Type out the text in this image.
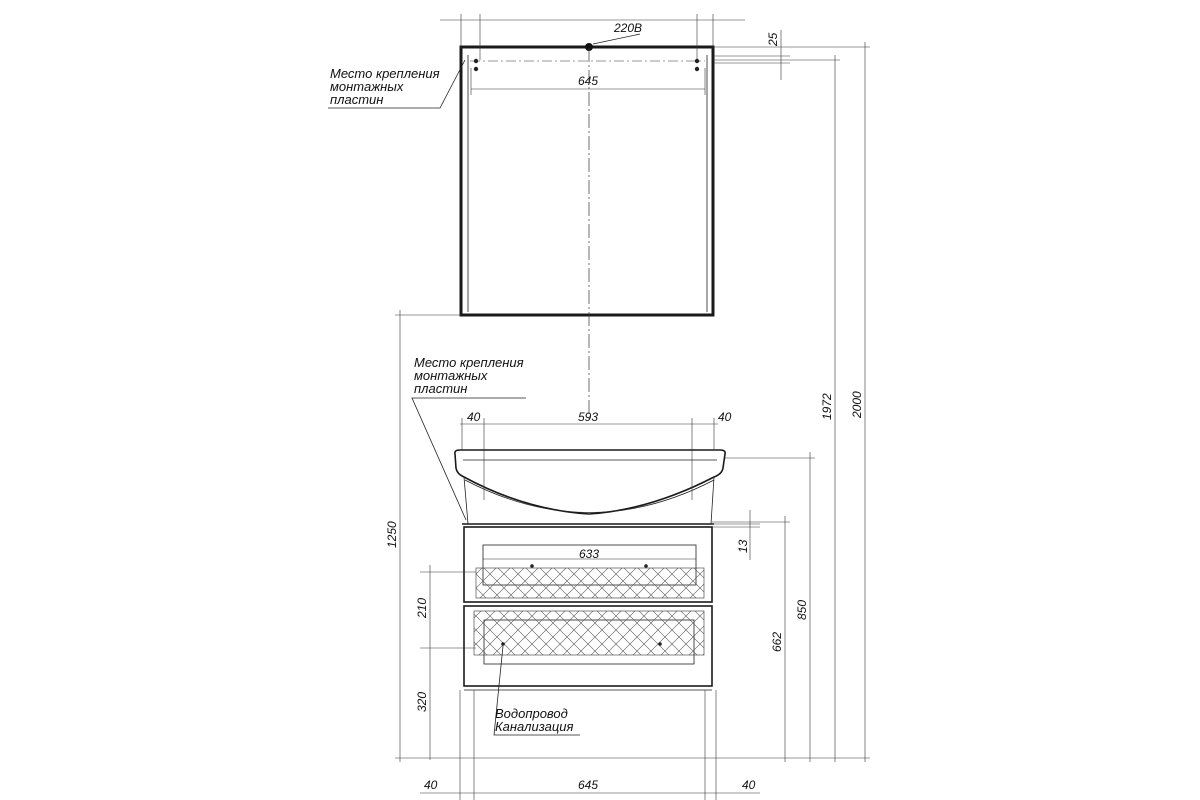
220В
645
25
Место крепления монтажных пластин
633
40	593	40
Место крепления монтажных пластин
13
210
320
Водопровод Канализация
1250
850
662
1972 2000
40	645	40
